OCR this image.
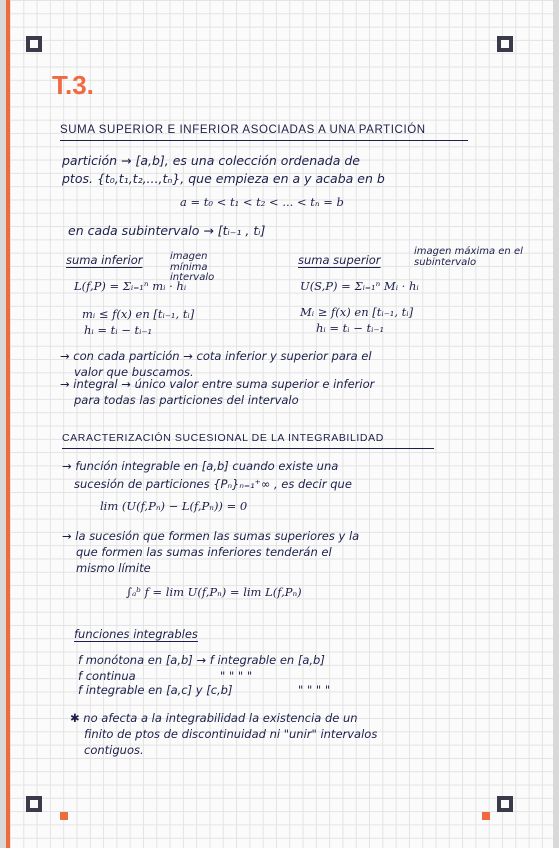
T.3.
SUMA SUPERIOR E INFERIOR ASOCIADAS A UNA PARTICIÓN
partición → [a,b], es una colección ordenada de
ptos. {t₀,t₁,t₂,...,tₙ}, que empieza en a y acaba en b
a = t₀ < t₁ < t₂ < ... < tₙ = b
en cada subintervalo → [tᵢ₋₁ , tᵢ]
suma inferior	imagen mínima intervalo
L(f,P) = Σᵢ₌₁ⁿ mᵢ · hᵢ
mᵢ ≤ f(x) en [tᵢ₋₁, tᵢ]
hᵢ = tᵢ − tᵢ₋₁
suma superior
imagen máxima en el subintervalo
U(S,P) = Σᵢ₌₁ⁿ Mᵢ · hᵢ
Mᵢ ≥ f(x) en [tᵢ₋₁, tᵢ]
hᵢ = tᵢ − tᵢ₋₁
→ con cada partición → cota inferior y superior para el
valor que buscamos.
→ integral → único valor entre suma superior e inferior
para todas las particiones del intervalo
CARACTERIZACIÓN SUCESIONAL DE LA INTEGRABILIDAD
→ función integrable en [a,b] cuando existe una
sucesión de particiones {Pₙ}ₙ₌₁⁺∞ , es decir que
lim (U(f,Pₙ) − L(f,Pₙ)) = 0
→ la sucesión que formen las sumas superiores y la
que formen las sumas inferiores tenderán el
mismo límite
∫ₐᵇ f = lim U(f,Pₙ) = lim L(f,Pₙ)
funciones integrables
f monótona en [a,b] → f integrable en [a,b]
f continua	" " " "
f integrable en [a,c] y [c,b]	" " " "
✱ no afecta a la integrabilidad la existencia de un
finito de ptos de discontinuidad ni "unir" intervalos
contiguos.
